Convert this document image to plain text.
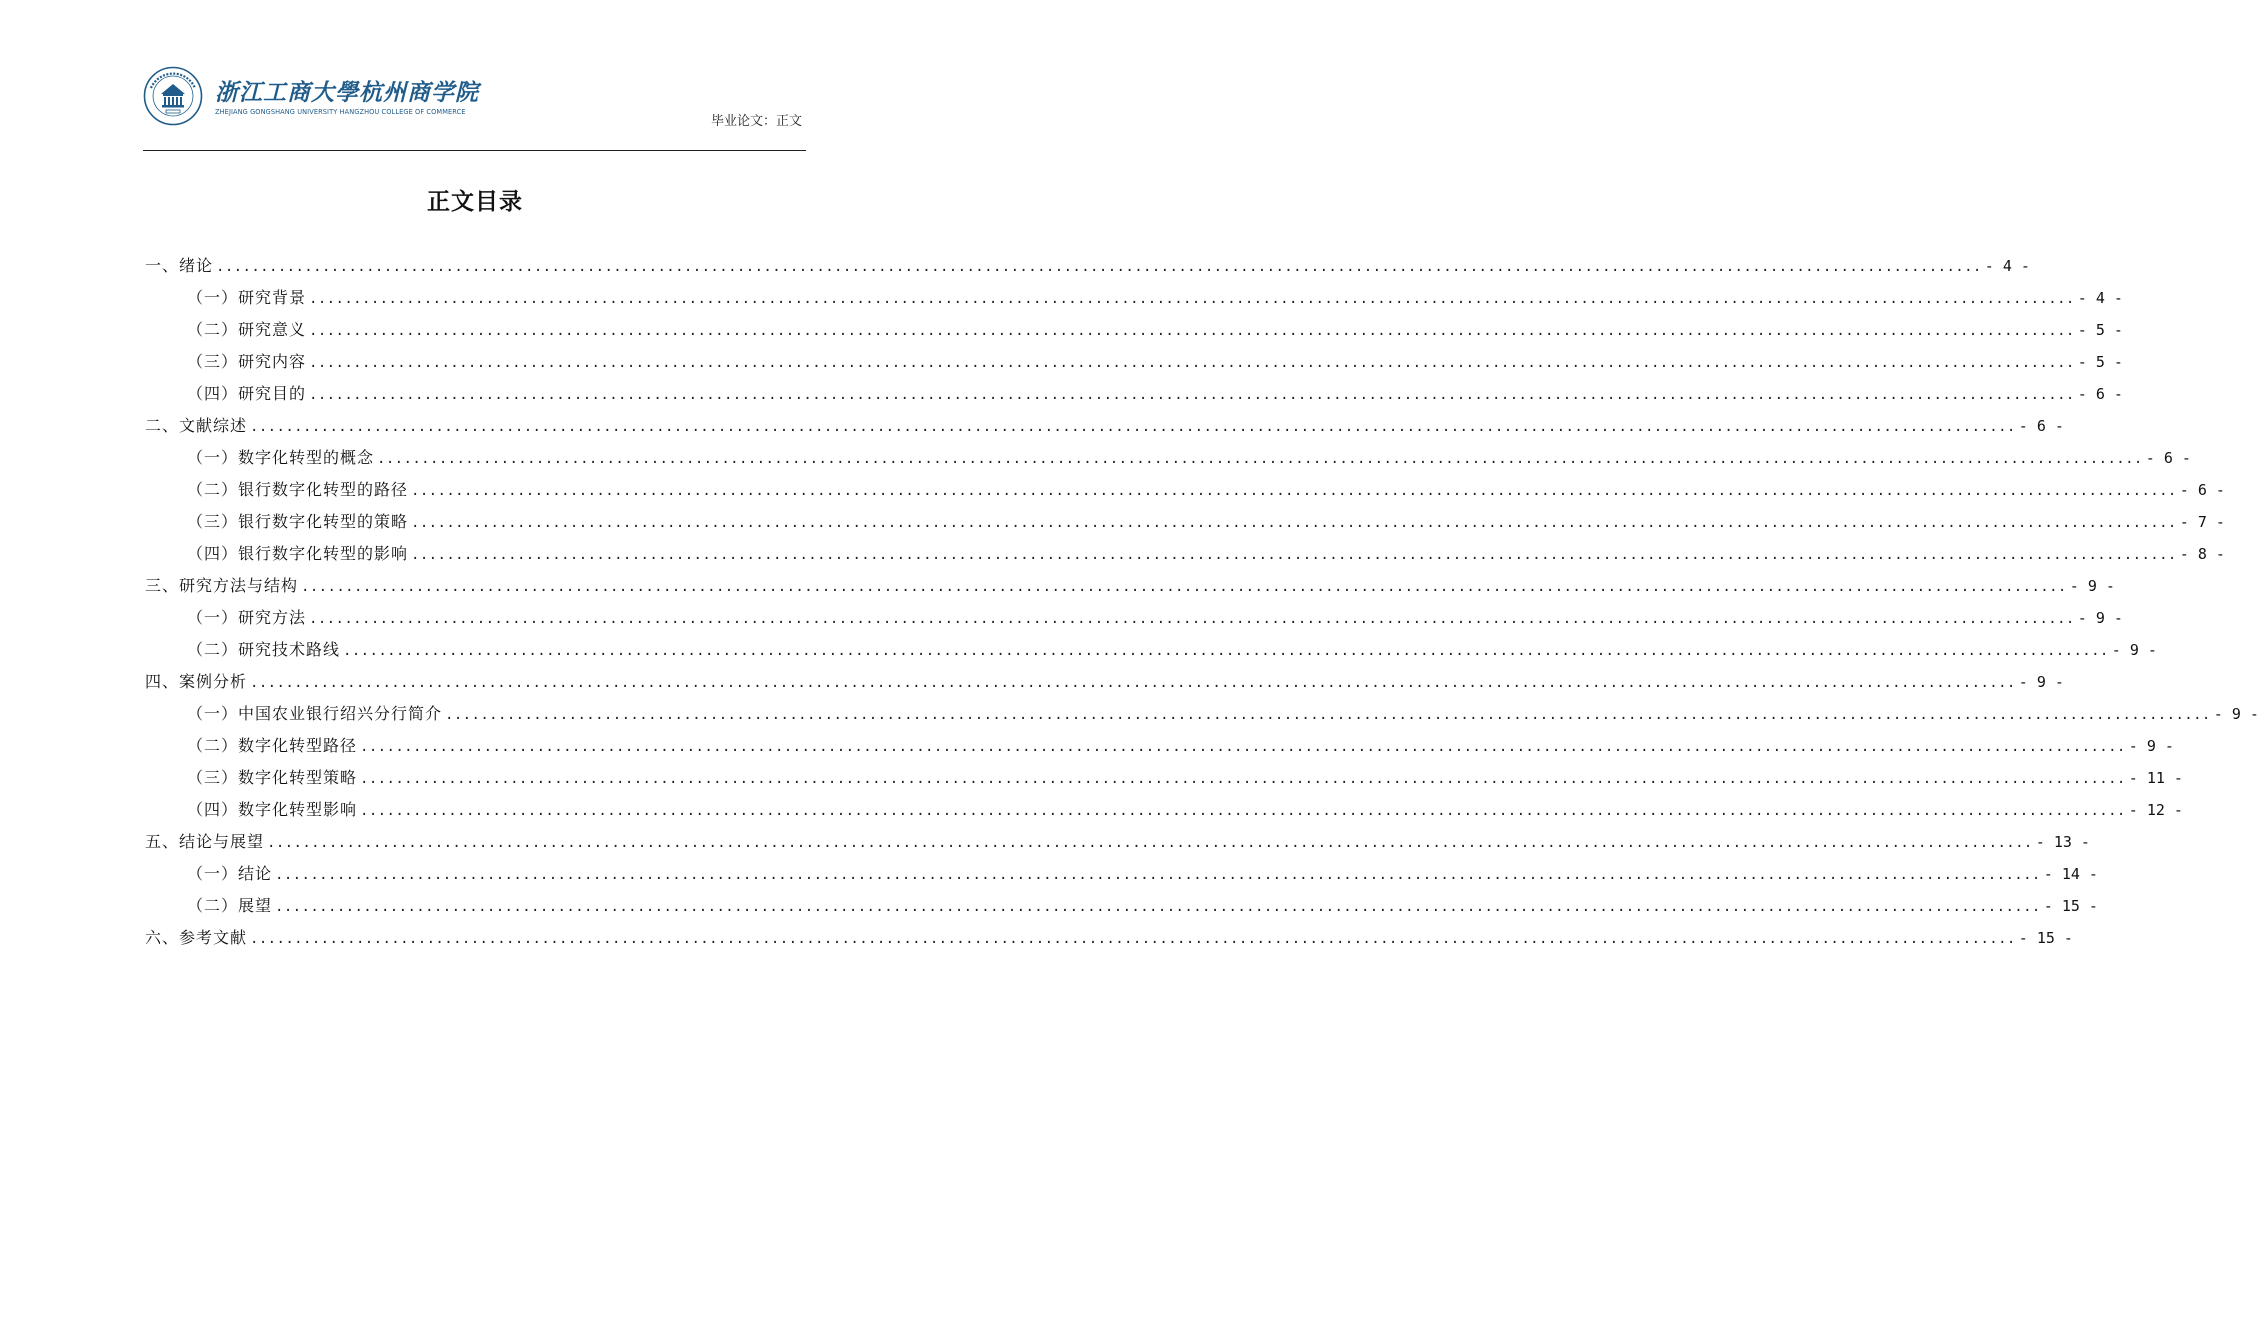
浙江工商大學杭州商学院
ZHEJIANG GONGSHANG UNIVERSITY HANGZHOU COLLEGE OF COMMERCE
毕业论文：正文
正文目录
一、绪论 ........................................................................................................................................................................................................ - 4 -
（一）研究背景 ........................................................................................................................................................................................................ - 4 -
（二）研究意义 ........................................................................................................................................................................................................ - 5 -
（三）研究内容 ........................................................................................................................................................................................................ - 5 -
（四）研究目的 ........................................................................................................................................................................................................ - 6 -
二、文献综述 ........................................................................................................................................................................................................ - 6 -
（一）数字化转型的概念 ........................................................................................................................................................................................................ - 6 -
（二）银行数字化转型的路径 ........................................................................................................................................................................................................ - 6 -
（三）银行数字化转型的策略 ........................................................................................................................................................................................................ - 7 -
（四）银行数字化转型的影响 ........................................................................................................................................................................................................ - 8 -
三、研究方法与结构 ........................................................................................................................................................................................................ - 9 -
（一）研究方法 ........................................................................................................................................................................................................ - 9 -
（二）研究技术路线 ........................................................................................................................................................................................................ - 9 -
四、案例分析 ........................................................................................................................................................................................................ - 9 -
（一）中国农业银行绍兴分行简介 ........................................................................................................................................................................................................ - 9 -
（二）数字化转型路径 ........................................................................................................................................................................................................ - 9 -
（三）数字化转型策略 ........................................................................................................................................................................................................ - 11 -
（四）数字化转型影响 ........................................................................................................................................................................................................ - 12 -
五、结论与展望 ........................................................................................................................................................................................................ - 13 -
（一）结论 ........................................................................................................................................................................................................ - 14 -
（二）展望 ........................................................................................................................................................................................................ - 15 -
六、参考文献 ........................................................................................................................................................................................................ - 15 -
